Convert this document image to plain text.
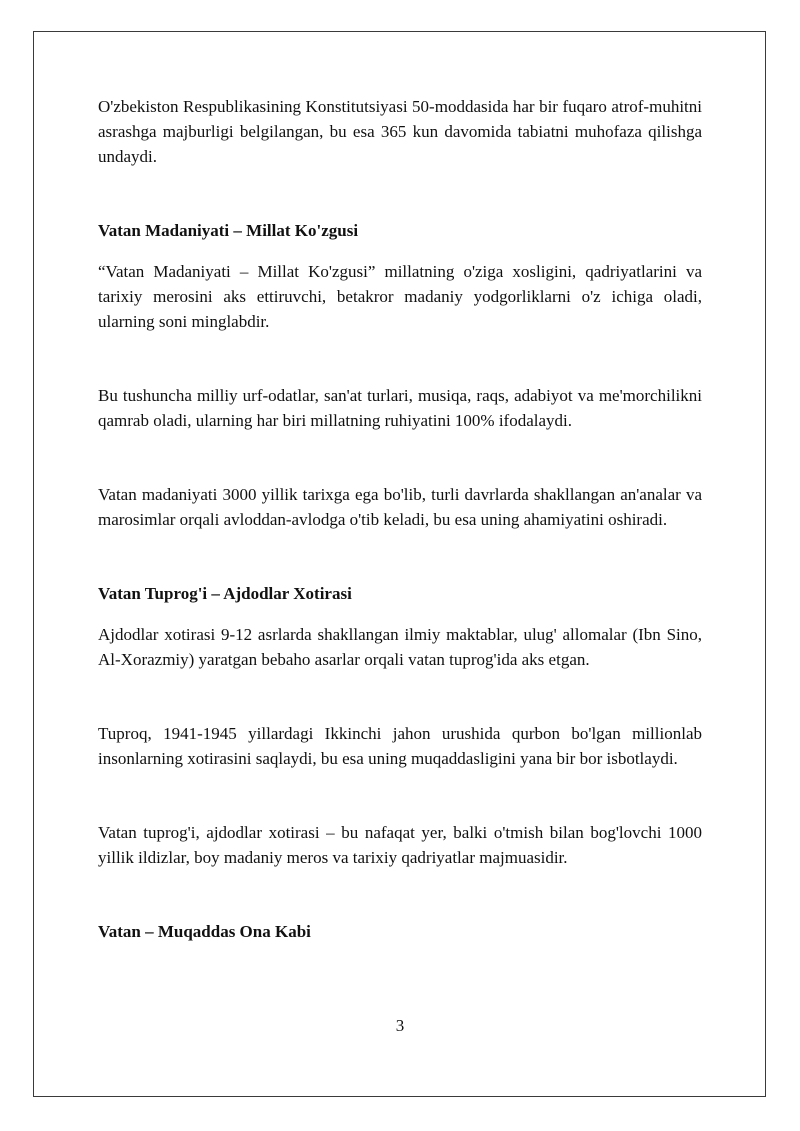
O'zbekiston Respublikasining Konstitutsiyasi 50-moddasida har bir fuqaro atrof-muhitni asrashga majburligi belgilangan, bu esa 365 kun davomida tabiatni muhofaza qilishga undaydi.

Vatan Madaniyati – Millat Ko'zgusi

“Vatan Madaniyati – Millat Ko'zgusi” millatning o'ziga xosligini, qadriyatlarini va tarixiy merosini aks ettiruvchi, betakror madaniy yodgorliklarni o'z ichiga oladi, ularning soni minglabdir.

Bu tushuncha milliy urf-odatlar, san'at turlari, musiqa, raqs, adabiyot va me'morchilikni qamrab oladi, ularning har biri millatning ruhiyatini 100% ifodalaydi.

Vatan madaniyati 3000 yillik tarixga ega bo'lib, turli davrlarda shakllangan an'analar va marosimlar orqali avloddan-avlodga o'tib keladi, bu esa uning ahamiyatini oshiradi.

Vatan Tuprog'i – Ajdodlar Xotirasi

Ajdodlar xotirasi 9-12 asrlarda shakllangan ilmiy maktablar, ulug' allomalar (Ibn Sino, Al-Xorazmiy) yaratgan bebaho asarlar orqali vatan tuprog'ida aks etgan.

Tuproq, 1941-1945 yillardagi Ikkinchi jahon urushida qurbon bo'lgan millionlab insonlarning xotirasini saqlaydi, bu esa uning muqaddasligini yana bir bor isbotlaydi.

Vatan tuprog'i, ajdodlar xotirasi – bu nafaqat yer, balki o'tmish bilan bog'lovchi 1000 yillik ildizlar, boy madaniy meros va tarixiy qadriyatlar majmuasidir.

Vatan – Muqaddas Ona Kabi

3
